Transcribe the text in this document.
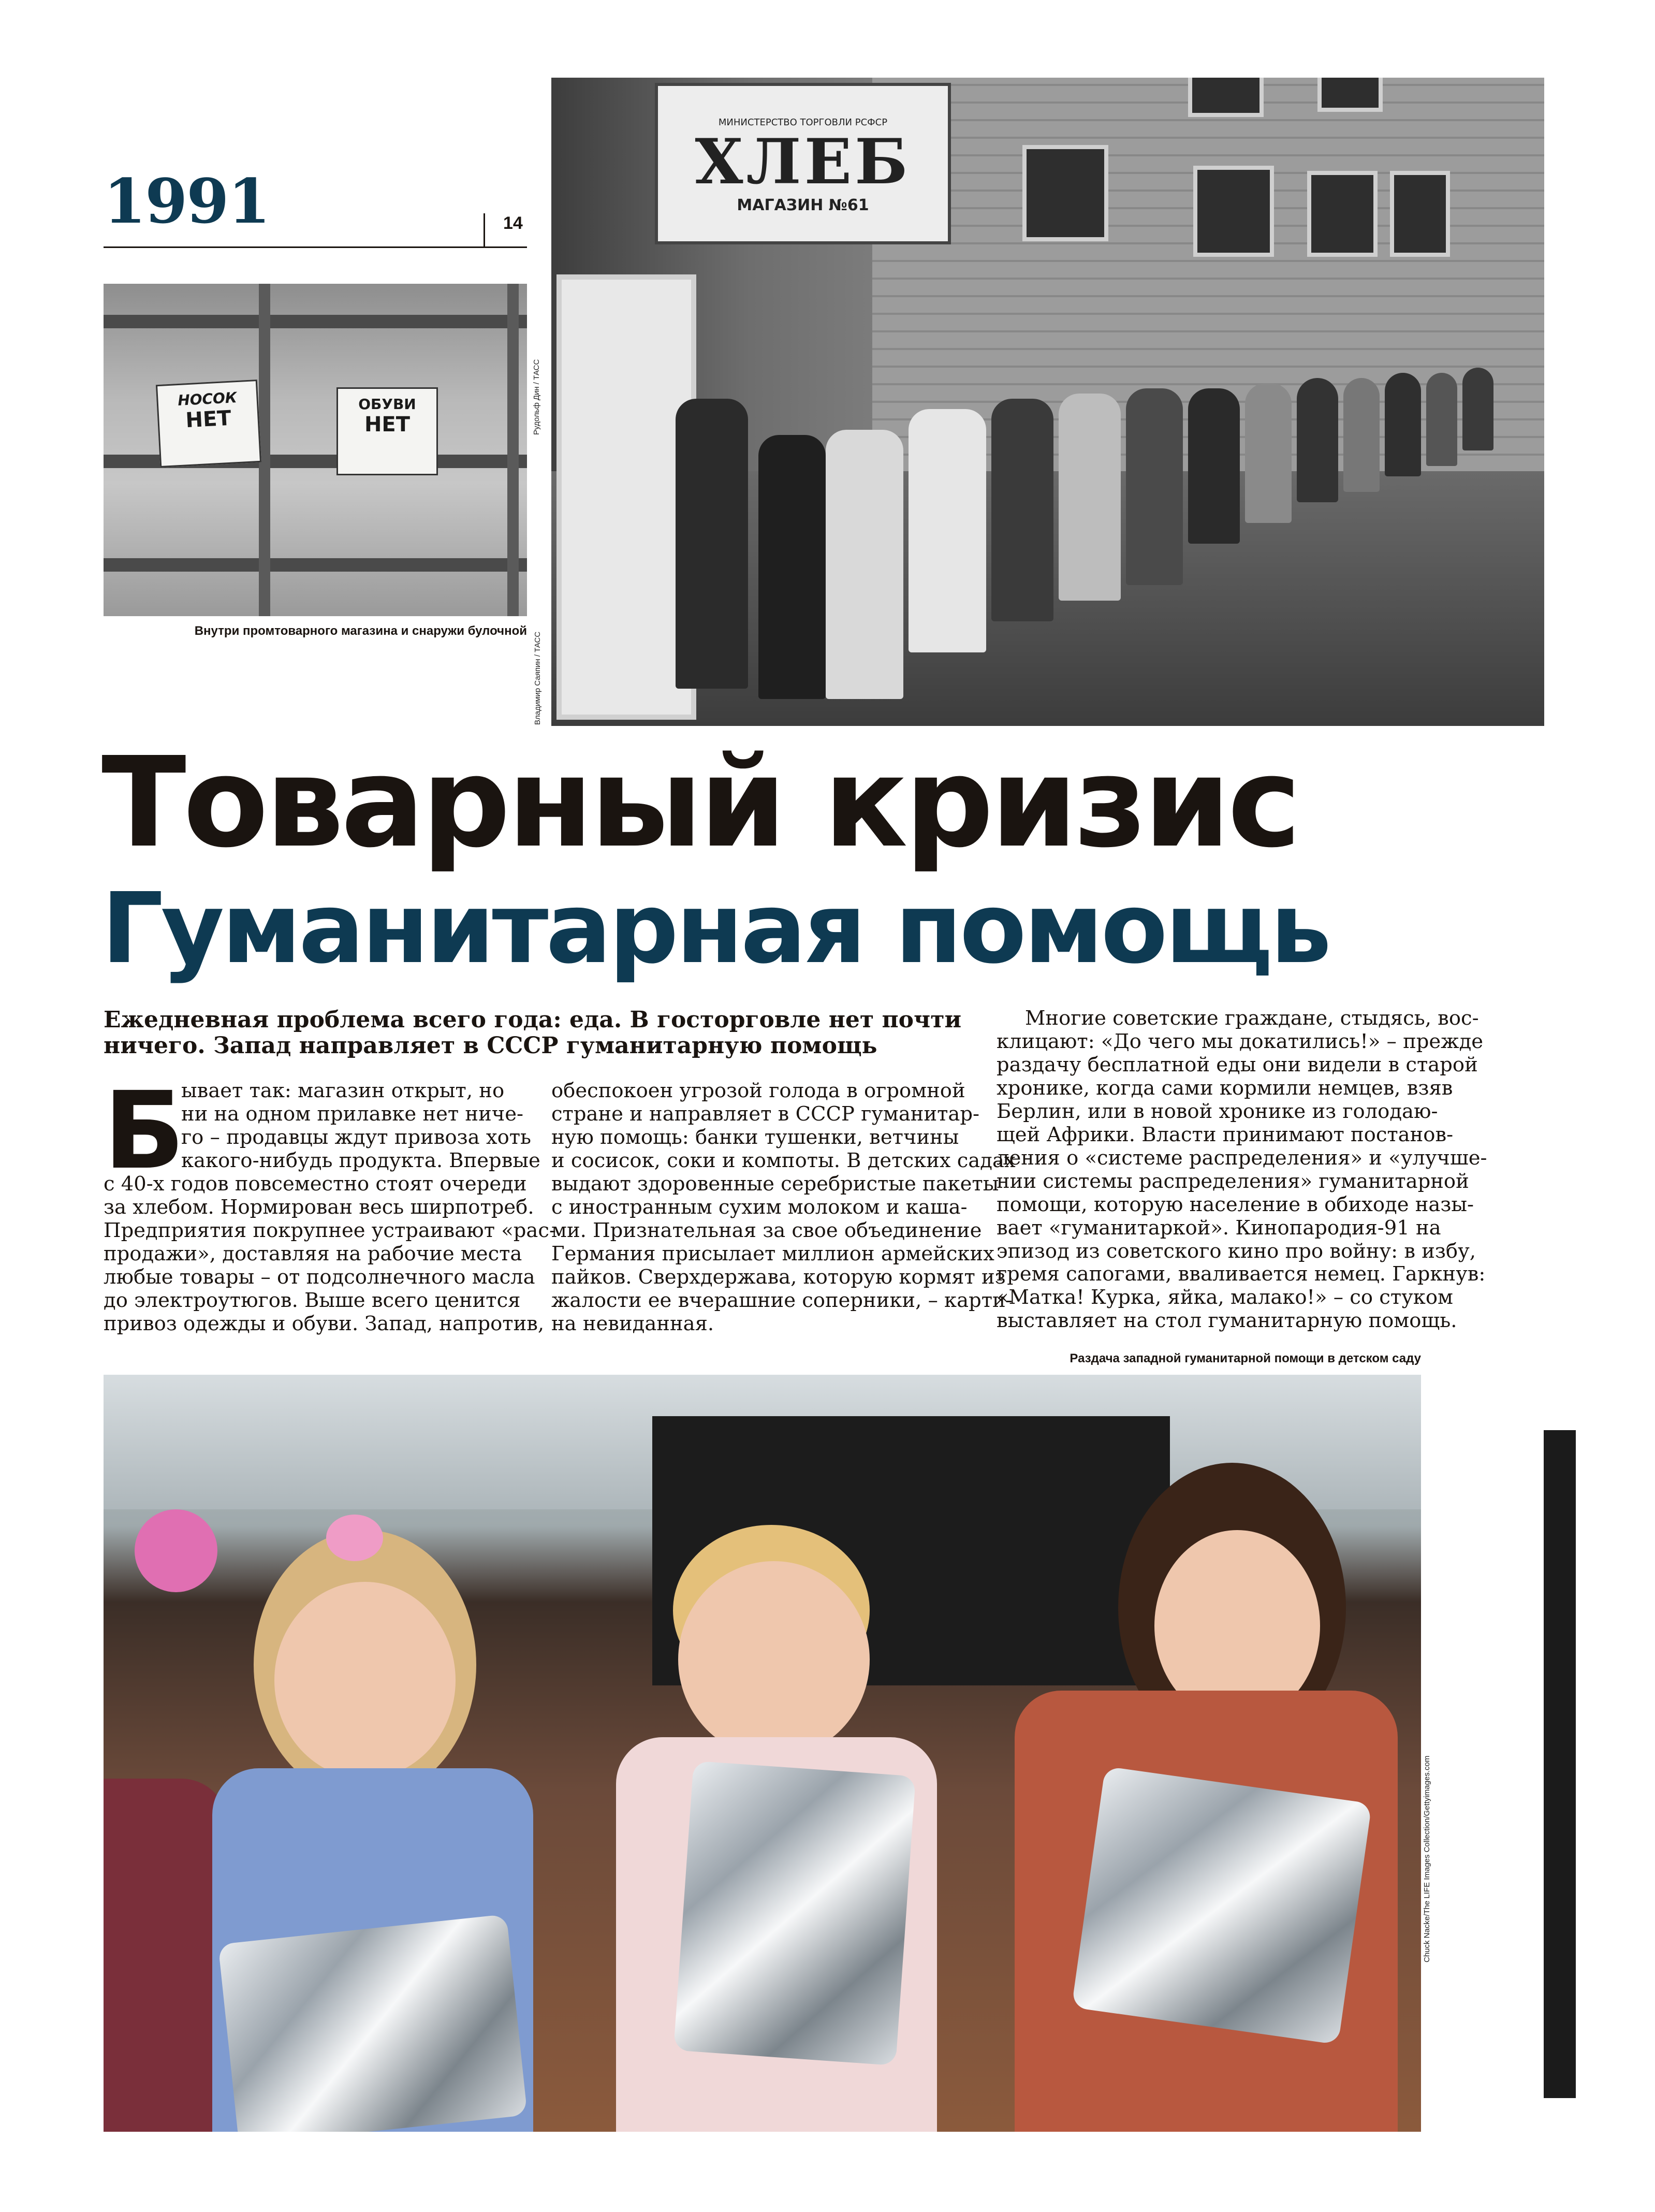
1991	14
НОСОК
НЕТ
ОБУВИ
НЕТ	Рудольф Дин / ТАСС
Внутри промтоварного магазина и снаружи булочной
МИНИСТЕРСТВО ТОРГОВЛИ РСФСР
ХЛЕБ
МАГАЗИН №61
Владимир Саяпин / ТАСС
Товарный кризис
Гуманитарная помощь
Ежедневная проблема всего года: еда. В госторговле нет почти
ничего. Запад направляет в СССР гуманитарную помощь
Б
ывает так: магазин открыт, но
ни на одном прилавке нет ниче-
го – продавцы ждут привоза хоть
какого-нибудь продукта. Впервые
с 40-х годов повсеместно стоят очереди
за хлебом. Нормирован весь ширпотреб.
Предприятия покрупнее устраивают «рас-
продажи», доставляя на рабочие места
любые товары – от подсолнечного масла
до электроутюгов. Выше всего ценится
привоз одежды и обуви. Запад, напротив,
обеспокоен угрозой голода в огромной
стране и направляет в СССР гуманитар-
ную помощь: банки тушенки, ветчины
и сосисок, соки и компоты. В детских садах
выдают здоровенные серебристые пакеты
с иностранным сухим молоком и каша-
ми. Признательная за свое объединение
Германия присылает миллион армейских
пайков. Сверхдержава, которую кормят из
жалости ее вчерашние соперники, – карти-
на невиданная.
Многие советские граждане, стыдясь, вос-
клицают: «До чего мы докатились!» – прежде
раздачу бесплатной еды они видели в старой
хронике, когда сами кормили немцев, взяв
Берлин, или в новой хронике из голодаю-
щей Африки. Власти принимают постанов-
ления о «системе распределения» и «улучше-
нии системы распределения» гуманитарной
помощи, которую население в обиходе назы-
вает «гуманитаркой». Кинопародия-91 на
эпизод из советского кино про войну: в избу,
гремя сапогами, вваливается немец. Гаркнув:
«Матка! Курка, яйка, малако!» – со стуком
выставляет на стол гуманитарную помощь.
Раздача западной гуманитарной помощи в детском саду
Chuck Nacke/The LIFE Images Collection/Gettyimages.com
